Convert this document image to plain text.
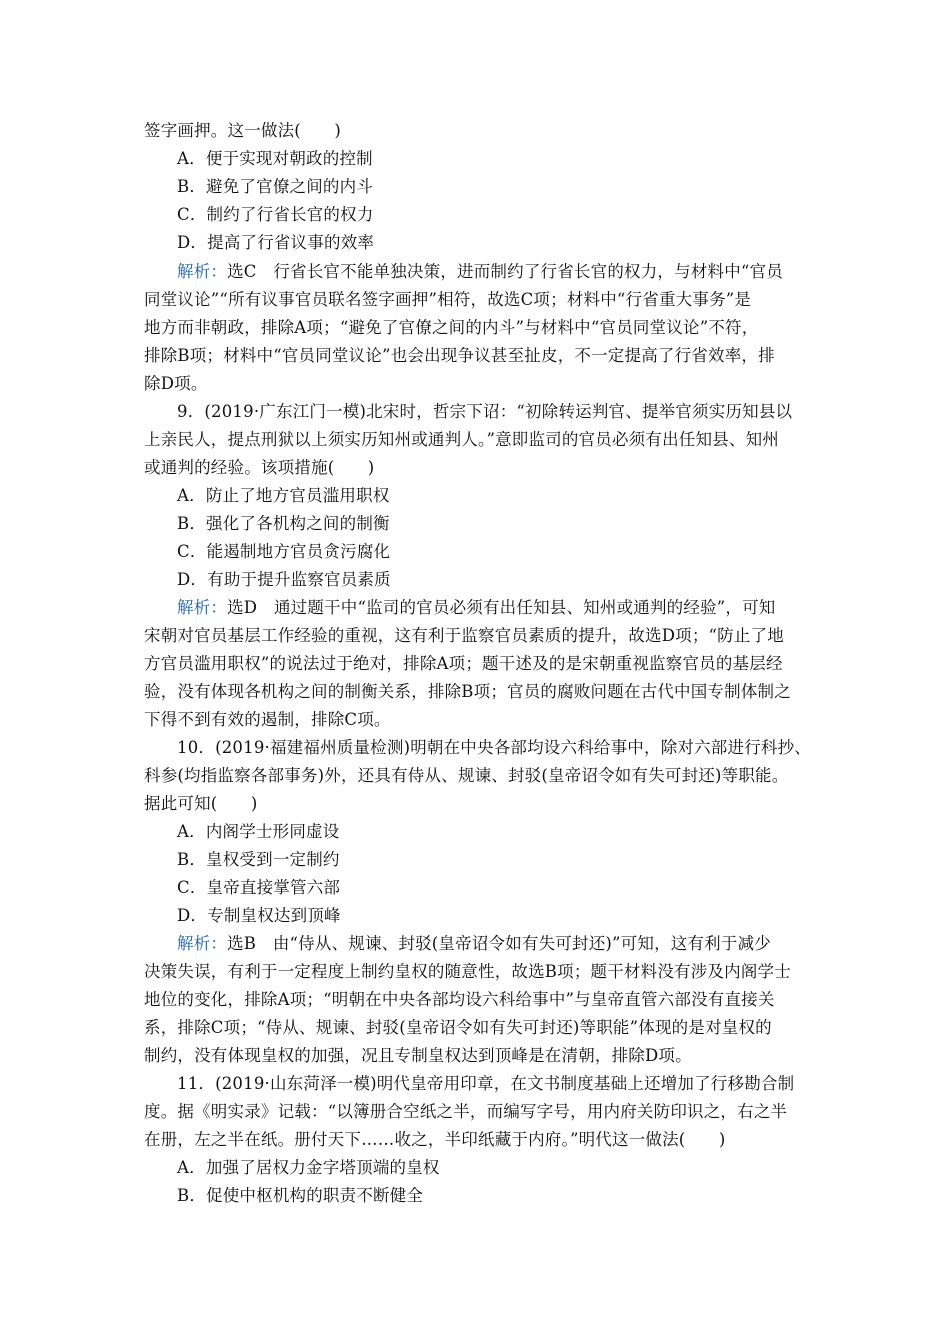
签字画押。这一做法(　　)
A．便于实现对朝政的控制
B．避免了官僚之间的内斗
C．制约了行省长官的权力
D．提高了行省议事的效率
解析：选C　行省长官不能单独决策，进而制约了行省长官的权力，与材料中“官员
同堂议论”“所有议事官员联名签字画押”相符，故选C项；材料中“行省重大事务”是
地方而非朝政，排除A项；“避免了官僚之间的内斗”与材料中“官员同堂议论”不符，
排除B项；材料中“官员同堂议论”也会出现争议甚至扯皮，不一定提高了行省效率，排
除D项。
9．(2019·广东江门一模)北宋时，哲宗下诏：“初除转运判官、提举官须实历知县以
上亲民人，提点刑狱以上须实历知州或通判人。”意即监司的官员必须有出任知县、知州
或通判的经验。该项措施(　　)
A．防止了地方官员滥用职权
B．强化了各机构之间的制衡
C．能遏制地方官员贪污腐化
D．有助于提升监察官员素质
解析：选D　通过题干中“监司的官员必须有出任知县、知州或通判的经验”，可知
宋朝对官员基层工作经验的重视，这有利于监察官员素质的提升，故选D项；“防止了地
方官员滥用职权”的说法过于绝对，排除A项；题干述及的是宋朝重视监察官员的基层经
验，没有体现各机构之间的制衡关系，排除B项；官员的腐败问题在古代中国专制体制之
下得不到有效的遏制，排除C项。
10．(2019·福建福州质量检测)明朝在中央各部均设六科给事中，除对六部进行科抄、
科参(均指监察各部事务)外，还具有侍从、规谏、封驳(皇帝诏令如有失可封还)等职能。
据此可知(　　)
A．内阁学士形同虚设
B．皇权受到一定制约
C．皇帝直接掌管六部
D．专制皇权达到顶峰
解析：选B　由“侍从、规谏、封驳(皇帝诏令如有失可封还)”可知，这有利于减少
决策失误，有利于一定程度上制约皇权的随意性，故选B项；题干材料没有涉及内阁学士
地位的变化，排除A项；“明朝在中央各部均设六科给事中”与皇帝直管六部没有直接关
系，排除C项；“侍从、规谏、封驳(皇帝诏令如有失可封还)等职能”体现的是对皇权的
制约，没有体现皇权的加强，况且专制皇权达到顶峰是在清朝，排除D项。
11．(2019·山东菏泽一模)明代皇帝用印章，在文书制度基础上还增加了行移勘合制
度。据《明实录》记载：“以簿册合空纸之半，而编写字号，用内府关防印识之，右之半
在册，左之半在纸。册付天下……收之，半印纸藏于内府。”明代这一做法(　　)
A．加强了居权力金字塔顶端的皇权
B．促使中枢机构的职责不断健全
